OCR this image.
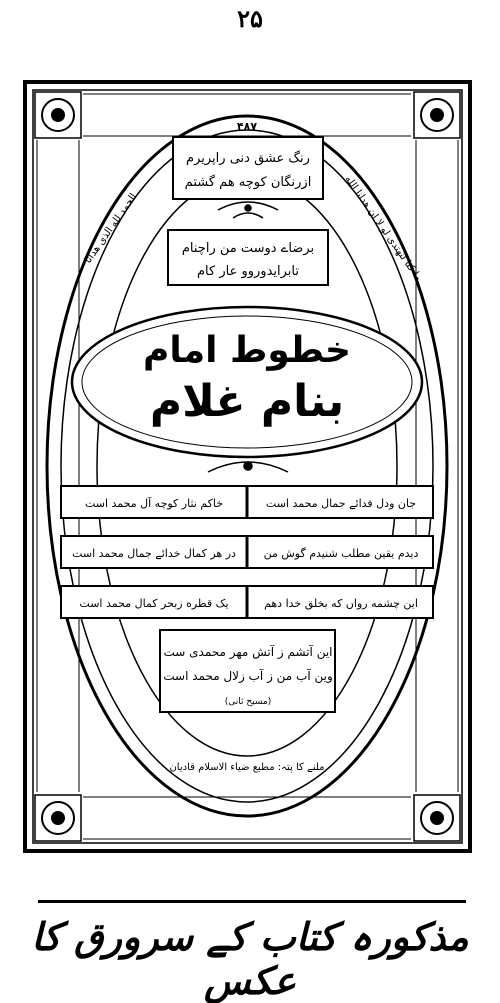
۲۵
۴۸۷
رنگ عشق دنی راپریرم
ازرنگان کوچه هم گشتم
برضاے دوست من راچنام
تابرایدوروو عار کام
الحمد لله الذی هدانا	ما کنا لنهتدی لو لا ان هدانا الله
خطوط امام
بنام غلام
جان ودل فدائے جمال محمد است
خاکم نثار کوچه آل محمد است
دیدم یقین مطلب شنیدم گوش من
در هر کمال خدائے جمال محمد است
این چشمه رواں که بخلق خدا دهم
یک قطره زبحر کمال محمد است
این آتشم ز آتش مهر محمدی ست
وین آب من ز آب زلال محمد است
(مسیح ثانی)
ملنے کا پتہ: مطبع ضیاء الاسلام قادیان
مذکورہ کتاب کے سرورق کا عکس
